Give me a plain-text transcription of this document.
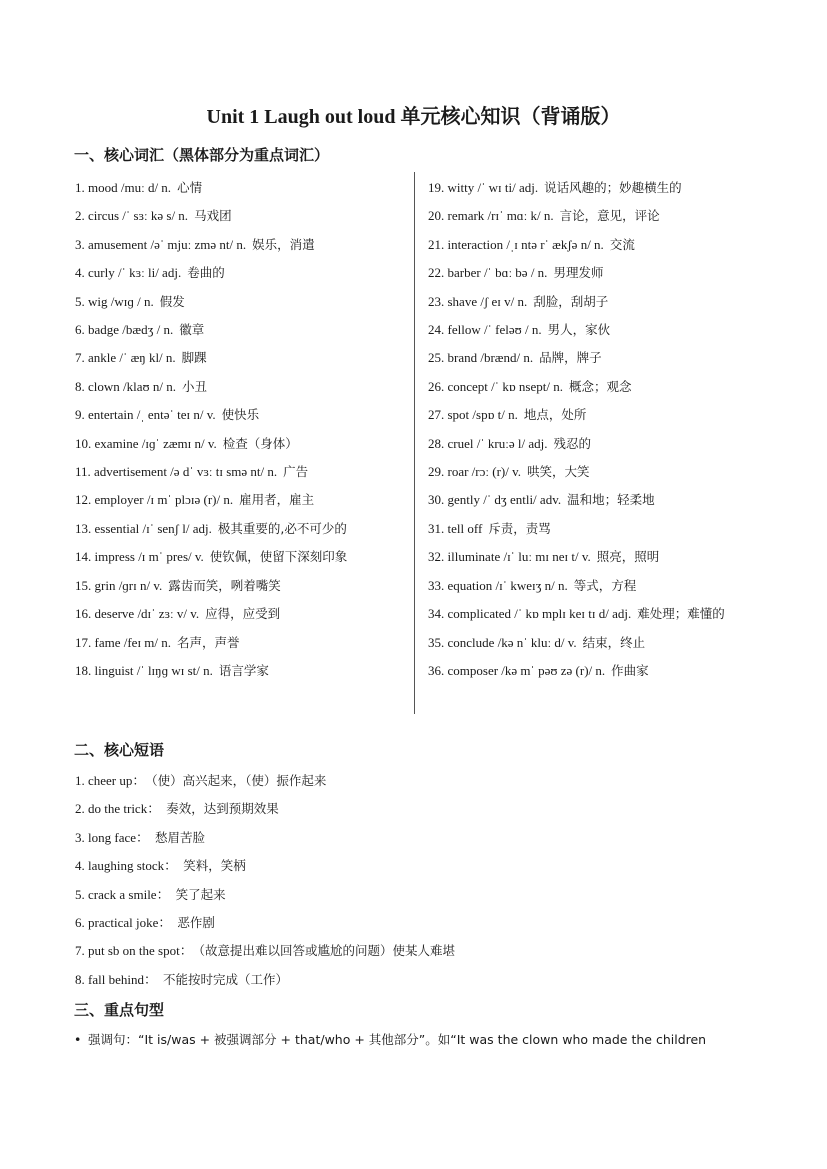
Unit 1 Laugh out loud 单元核心知识（背诵版）
一、核心词汇（黑体部分为重点词汇）
1. mood /muː d/ n. 心情
2. circus /ˈ sɜː kə s/ n. 马戏团
3. amusement /əˈ mjuː zmə nt/ n. 娱乐，消遣
4. curly /ˈ kɜː li/ adj. 卷曲的
5. wig /wɪɡ / n. 假发
6. badge /bædʒ / n. 徽章
7. ankle /ˈ æŋ kl/ n. 脚踝
8. clown /klaʊ n/ n. 小丑
9. entertain /ˌ entəˈ teɪ n/ v. 使快乐
10. examine /ɪɡˈ zæmɪ n/ v. 检查（身体）
11. advertisement /ə dˈ vɜː tɪ smə nt/ n. 广告
12. employer /ɪ mˈ plɔɪə (r)/ n. 雇用者，雇主
13. essential /ɪˈ senʃ l/ adj. 极其重要的,必不可少的
14. impress /ɪ mˈ pres/ v. 使钦佩，使留下深刻印象
15. grin /ɡrɪ n/ v. 露齿而笑，咧着嘴笑
16. deserve /dɪˈ zɜː v/ v. 应得，应受到
17. fame /feɪ m/ n. 名声，声誉
18. linguist /ˈ lɪŋɡ wɪ st/ n. 语言学家
19. witty /ˈ wɪ ti/ adj. 说话风趣的；妙趣横生的
20. remark /rɪˈ mɑː k/ n. 言论，意见，评论
21. interaction /ˌɪ ntə rˈ ækʃə n/ n. 交流
22. barber /ˈ bɑː bə / n. 男理发师
23. shave /ʃ eɪ v/ n. 刮脸，刮胡子
24. fellow /ˈ feləʊ / n. 男人，家伙
25. brand /brænd/ n. 品牌，牌子
26. concept /ˈ kɒ nsept/ n. 概念；观念
27. spot /spɒ t/ n. 地点，处所
28. cruel /ˈ kruːə l/ adj. 残忍的
29. roar /rɔː (r)/ v. 哄笑，大笑
30. gently /ˈ dʒ entli/ adv. 温和地；轻柔地
31. tell off 斥责，责骂
32. illuminate /ɪˈ luː mɪ neɪ t/ v. 照亮，照明
33. equation /ɪˈ kweɪʒ n/ n. 等式，方程
34. complicated /ˈ kɒ mplɪ keɪ tɪ d/ adj. 难处理；难懂的
35. conclude /kə nˈ kluː d/ v. 结束，终止
36. composer /kə mˈ pəʊ zə (r)/ n. 作曲家
二、核心短语
1. cheer up： （使）高兴起来，（使）振作起来
2. do the trick： 奏效，达到预期效果
3. long face： 愁眉苦脸
4. laughing stock： 笑料，笑柄
5. crack a smile： 笑了起来
6. practical joke： 恶作剧
7. put sb on the spot： （故意提出难以回答或尴尬的问题）使某人难堪
8. fall behind： 不能按时完成（工作）
三、重点句型
• 强调句：“It is/was + 被强调部分 + that/who + 其他部分”。如“It was the clown who made the children
